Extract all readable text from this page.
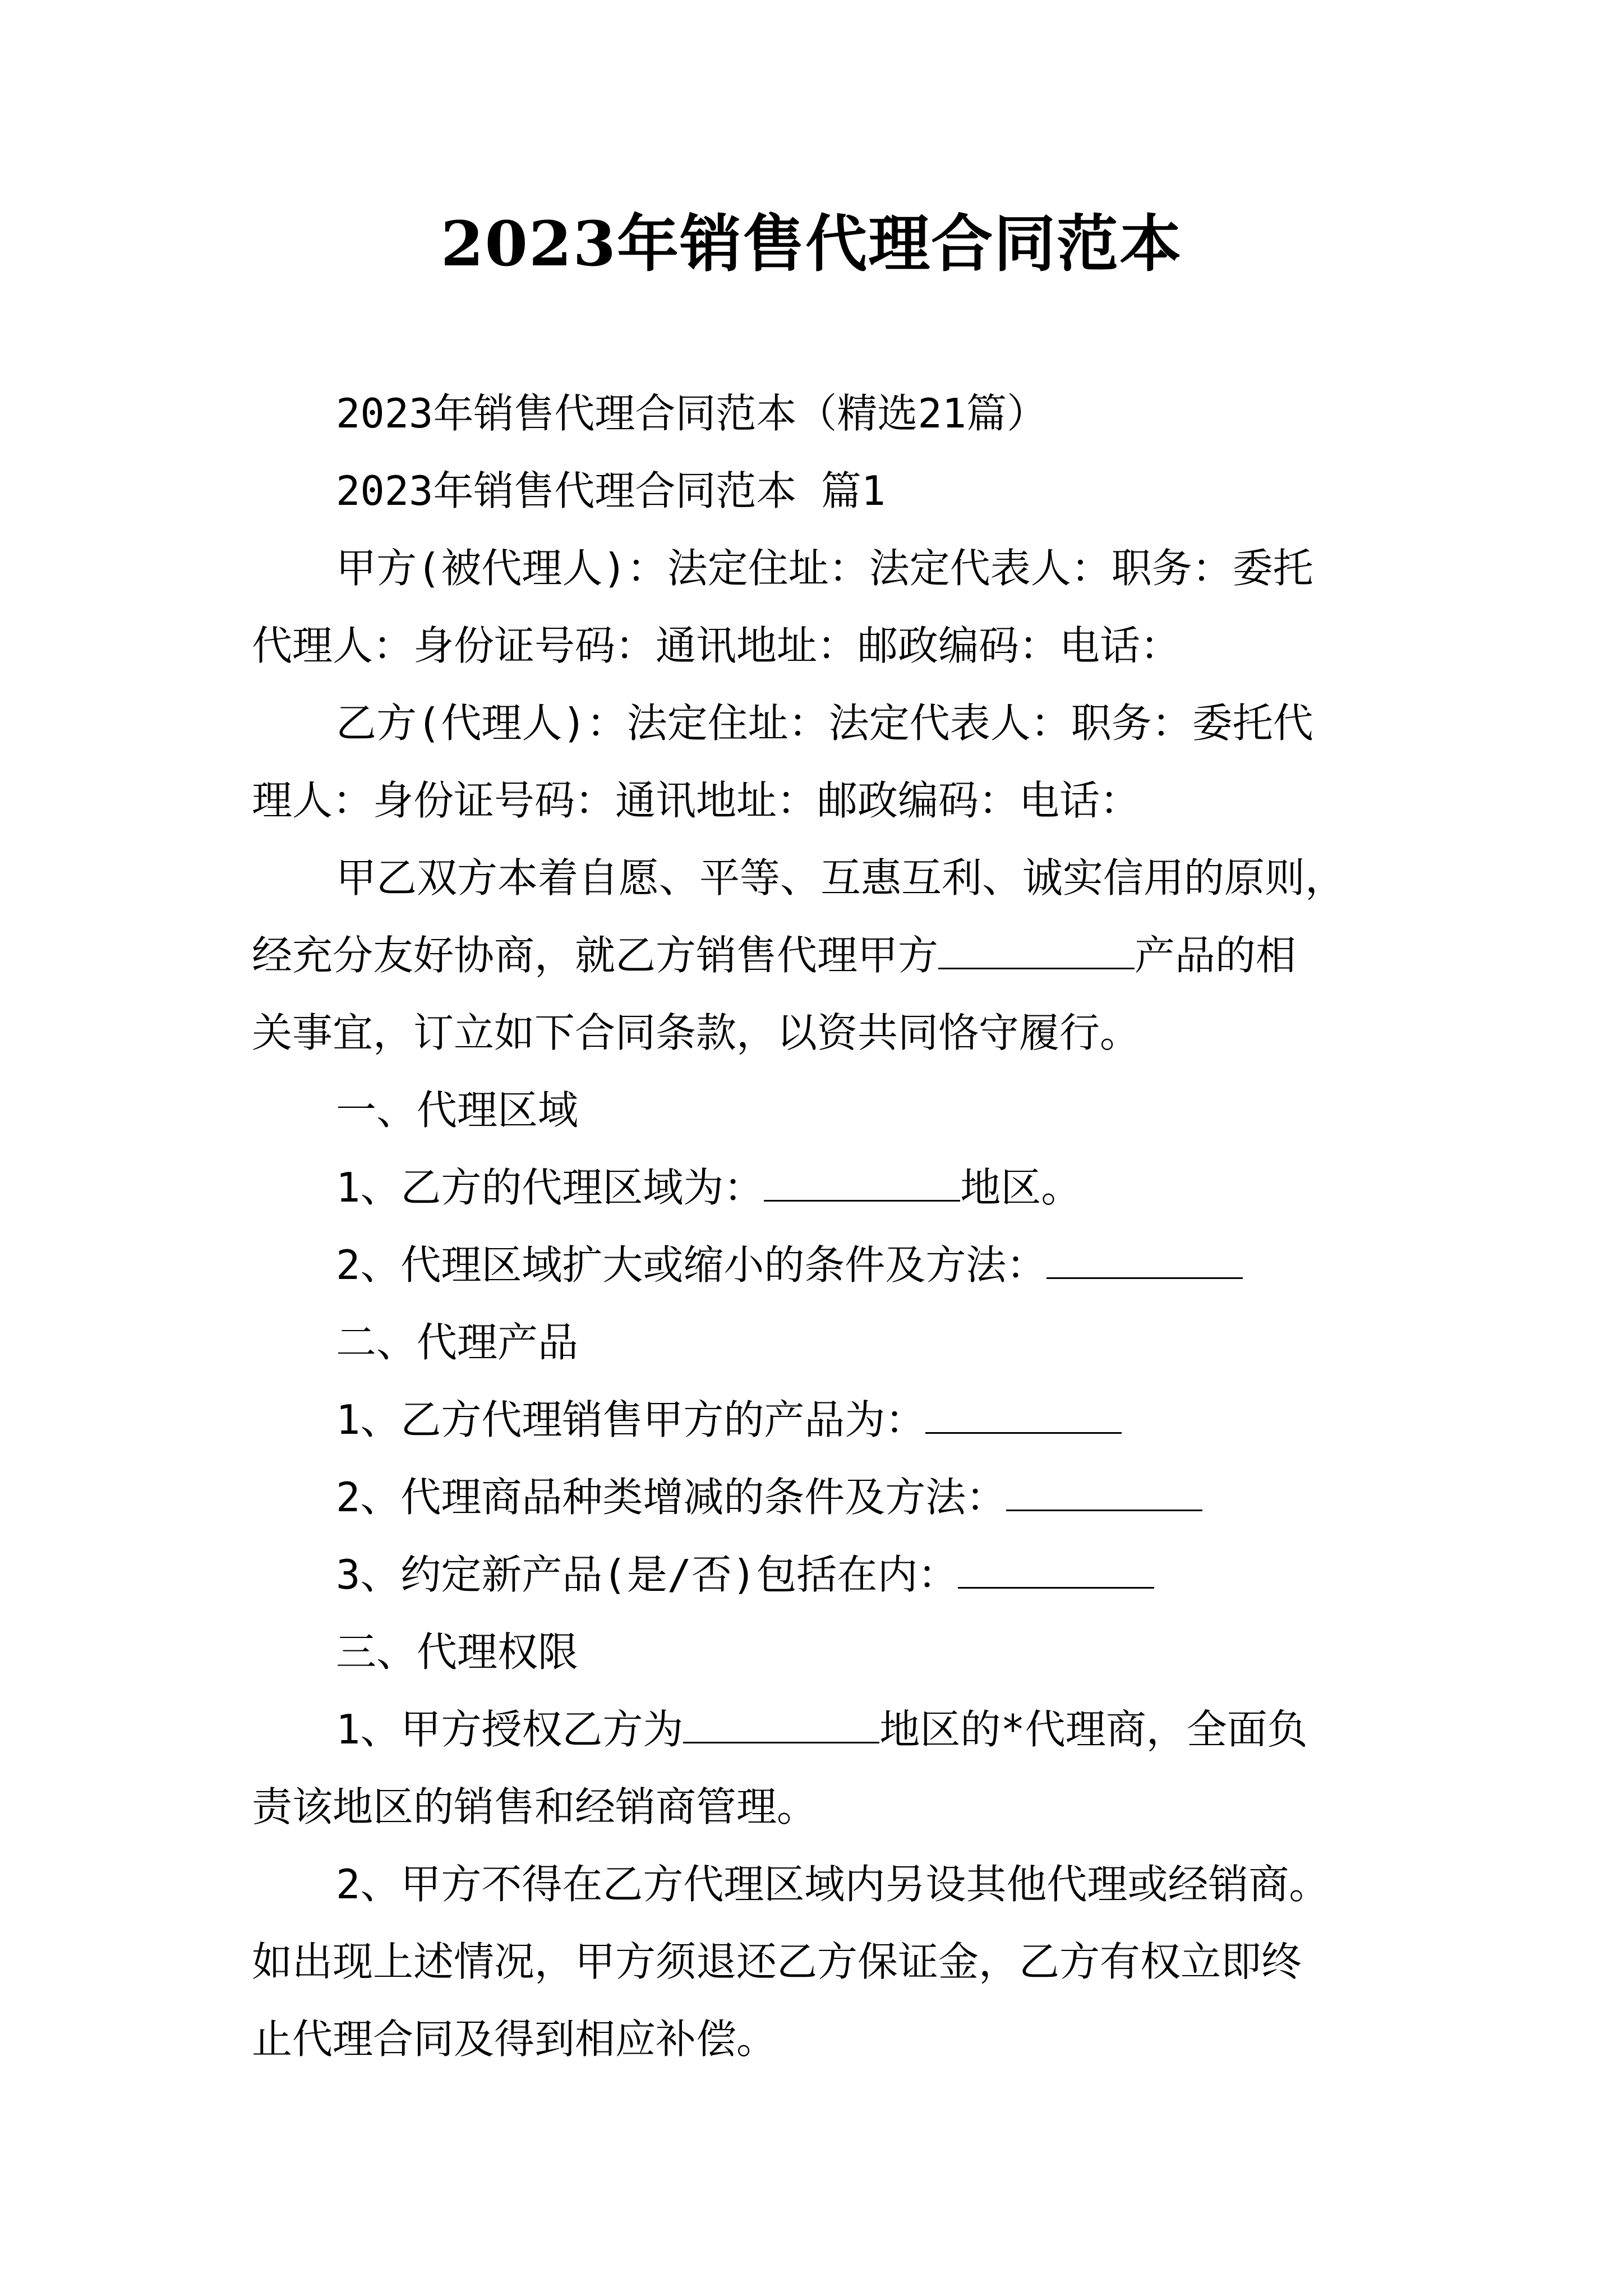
2023年销售代理合同范本
2023年销售代理合同范本（精选21篇）
2023年销售代理合同范本 篇1
甲方(被代理人)：法定住址：法定代表人：职务：委托
代理人：身份证号码：通讯地址：邮政编码：电话：
乙方(代理人)：法定住址：法定代表人：职务：委托代
理人：身份证号码：通讯地址：邮政编码：电话：
甲乙双方本着自愿、平等、互惠互利、诚实信用的原则，
经充分友好协商，就乙方销售代理甲方	产品的相
关事宜，订立如下合同条款，以资共同恪守履行。
一、代理区域
1、乙方的代理区域为：	地区。
2、代理区域扩大或缩小的条件及方法：
二、代理产品
1、乙方代理销售甲方的产品为：
2、代理商品种类增减的条件及方法：
3、约定新产品(是/否)包括在内：
三、代理权限
1、甲方授权乙方为	地区的*代理商，全面负
责该地区的销售和经销商管理。
2、甲方不得在乙方代理区域内另设其他代理或经销商。
如出现上述情况，甲方须退还乙方保证金，乙方有权立即终
止代理合同及得到相应补偿。
